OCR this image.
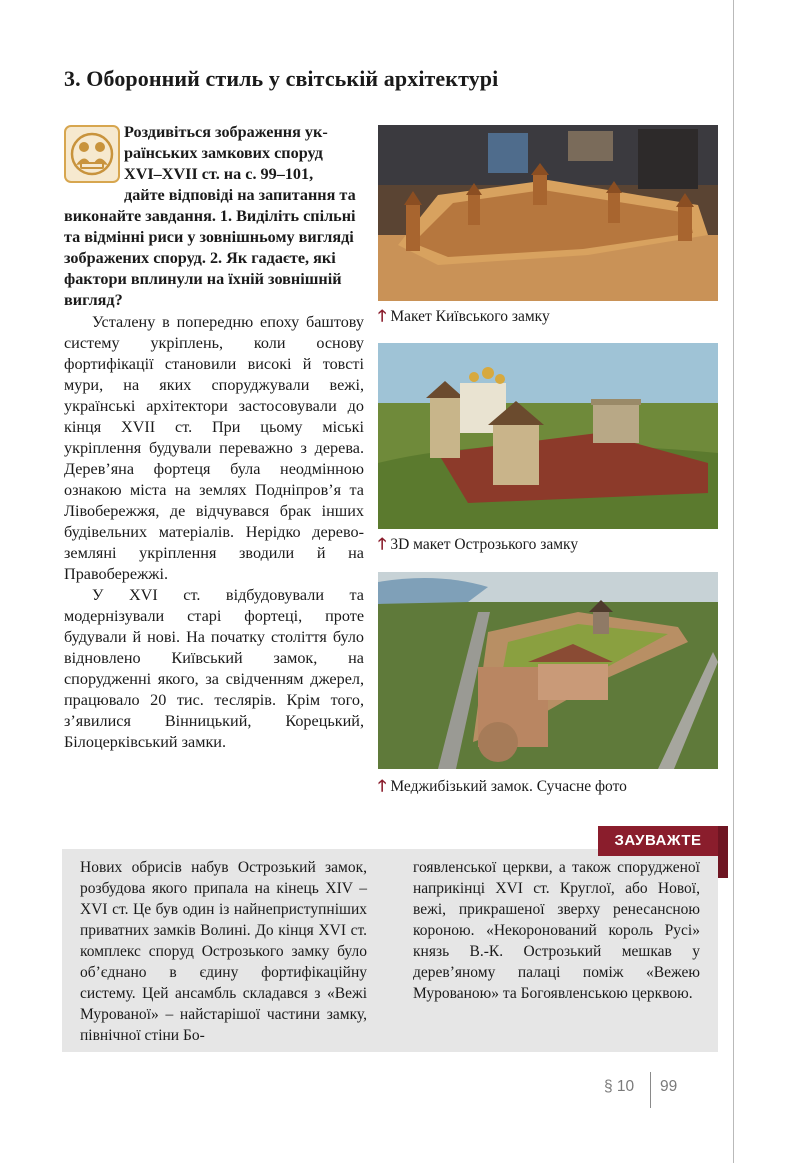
3. Оборонний стиль у світській архітектурі
Роздивіться зображення ук-
раїнських замкових споруд
XVI–XVII ст. на с. 99–101,
дайте відповіді на запитання та
виконайте завдання. 1. Виділіть спільні
та відмінні риси у зовнішньому вигляді
зображених споруд. 2. Як гадаєте, які
фактори вплинули на їхній зовнішній
вигляд?

Усталену в попередню епоху баштову систему укріплень, коли основу фортифікації становили високі й товсті мури, на яких споруджували вежі, українські архітектори застосовували до кінця XVII ст. При цьому міські укріплення будували переважно з дерева. Дерев’яна фортеця була неодмінною ознакою міста на землях Подніпров’я та Лівобережжя, де відчувався брак інших будівельних матеріалів. Нерідко дерево-земляні укріплення зводили й на Правобережжі.

У XVI ст. відбудовували та модернізували старі фортеці, проте будували й нові. На початку століття було відновлено Київський замок, на спорудженні якого, за свідченням джерел, працювало 20 тис. теслярів. Крім того, з’явилися Вінницький, Корецький, Білоцерківський замки.

🡑 Макет Київського замку
🡑 3D макет Острозького замку
🡑 Меджибізький замок. Сучасне фото
ЗАУВАЖТЕ

Нових обрисів набув Острозький замок, розбудова якого припала на кінець XIV – XVI ст. Це був один із найнеприступніших приватних замків Волині. До кінця XVI ст. комплекс споруд Острозького замку було об’єднано в єдину фортифікаційну систему. Цей ансамбль складався з «Вежі Мурованої» – найстарішої частини замку, північної стіни Бо-

гоявленської церкви, а також спорудженої наприкінці XVI ст. Круглої, або Нової, вежі, прикрашеної зверху ренесансною короною. «Некоронований король Русі» князь В.-К. Острозький мешкав у дерев’яному палаці поміж «Вежею Мурованою» та Богоявленською церквою.

§ 10 99
